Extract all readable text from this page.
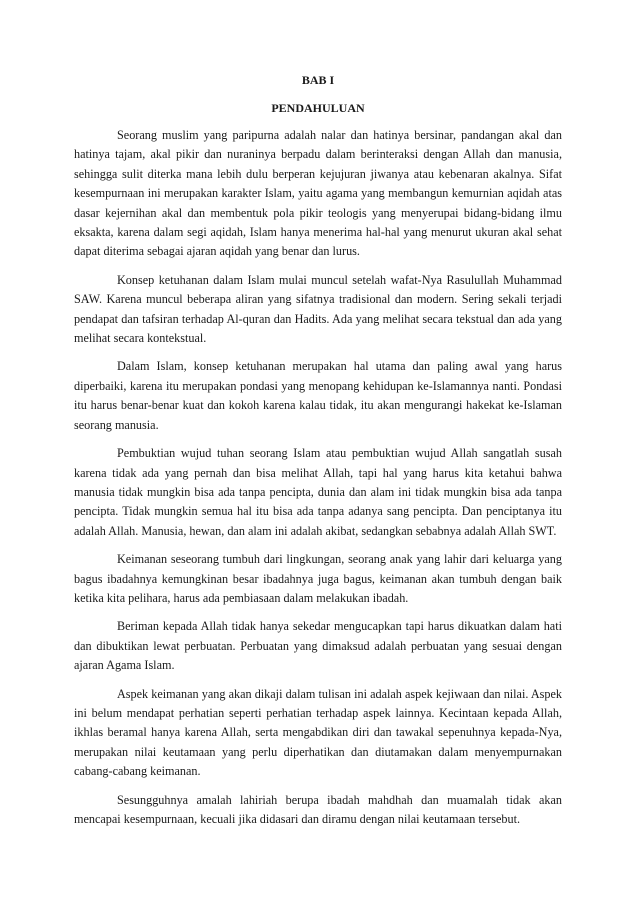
BAB I
PENDAHULUAN

Seorang muslim yang paripurna adalah nalar dan hatinya bersinar, pandangan akal dan hatinya tajam, akal pikir dan nuraninya berpadu dalam berinteraksi dengan Allah dan manusia, sehingga sulit diterka mana lebih dulu berperan kejujuran jiwanya atau kebenaran akalnya. Sifat kesempurnaan ini merupakan karakter Islam, yaitu agama yang membangun kemurnian aqidah atas dasar kejernihan akal dan membentuk pola pikir teologis yang menyerupai bidang-bidang ilmu eksakta, karena dalam segi aqidah, Islam hanya menerima hal-hal yang menurut ukuran akal sehat dapat diterima sebagai ajaran aqidah yang benar dan lurus.

Konsep ketuhanan dalam Islam mulai muncul setelah wafat-Nya Rasulullah Muhammad SAW. Karena muncul beberapa aliran yang sifatnya tradisional dan modern. Sering sekali terjadi pendapat dan tafsiran terhadap Al-quran dan Hadits. Ada yang melihat secara tekstual dan ada yang melihat secara kontekstual.

Dalam Islam, konsep ketuhanan merupakan hal utama dan paling awal yang harus diperbaiki, karena itu merupakan pondasi yang menopang kehidupan ke-Islamannya nanti. Pondasi itu harus benar-benar kuat dan kokoh karena kalau tidak, itu akan mengurangi hakekat ke-Islaman seorang manusia.

Pembuktian wujud tuhan seorang Islam atau pembuktian wujud Allah sangatlah susah karena tidak ada yang pernah dan bisa melihat Allah, tapi hal yang harus kita ketahui bahwa manusia tidak mungkin bisa ada tanpa pencipta, dunia dan alam ini tidak mungkin bisa ada tanpa pencipta. Tidak mungkin semua hal itu bisa ada tanpa adanya sang pencipta. Dan penciptanya itu adalah Allah. Manusia, hewan, dan alam ini adalah akibat, sedangkan sebabnya adalah Allah SWT.

Keimanan seseorang tumbuh dari lingkungan, seorang anak yang lahir dari keluarga yang bagus ibadahnya kemungkinan besar ibadahnya juga bagus, keimanan akan tumbuh dengan baik ketika kita pelihara, harus ada pembiasaan dalam melakukan ibadah.

Beriman kepada Allah tidak hanya sekedar mengucapkan tapi harus dikuatkan dalam hati dan dibuktikan lewat perbuatan. Perbuatan yang dimaksud adalah perbuatan yang sesuai dengan ajaran Agama Islam.

Aspek keimanan yang akan dikaji dalam tulisan ini adalah aspek kejiwaan dan nilai. Aspek ini belum mendapat perhatian seperti perhatian terhadap aspek lainnya. Kecintaan kepada Allah, ikhlas beramal hanya karena Allah, serta mengabdikan diri dan tawakal sepenuhnya kepada-Nya, merupakan nilai keutamaan yang perlu diperhatikan dan diutamakan dalam menyempurnakan cabang-cabang keimanan.

Sesungguhnya amalah lahiriah berupa ibadah mahdhah dan muamalah tidak akan mencapai kesempurnaan, kecuali jika didasari dan diramu dengan nilai keutamaan tersebut.
